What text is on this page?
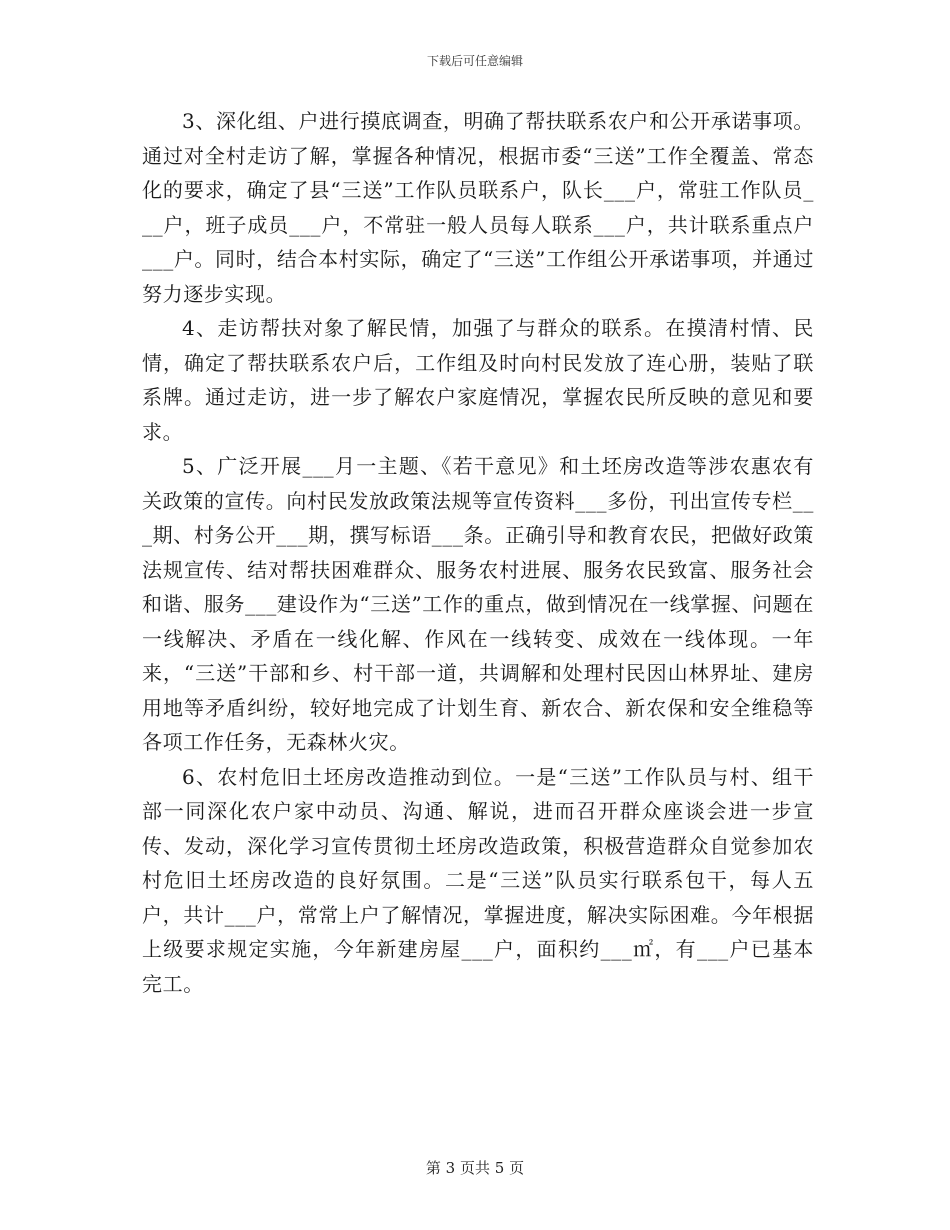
下载后可任意编辑

3、深化组、户进行摸底调查，明确了帮扶联系农户和公开承诺事项。通过对全村走访了解，掌握各种情况，根据市委“三送”工作全覆盖、常态化的要求，确定了县“三送”工作队员联系户，队长___户，常驻工作队员___户，班子成员___户，不常驻一般人员每人联系___户，共计联系重点户___户。同时，结合本村实际，确定了“三送”工作组公开承诺事项，并通过努力逐步实现。

4、走访帮扶对象了解民情，加强了与群众的联系。在摸清村情、民情，确定了帮扶联系农户后，工作组及时向村民发放了连心册，装贴了联系牌。通过走访，进一步了解农户家庭情况，掌握农民所反映的意见和要求。

5、广泛开展___月一主题、《若干意见》和土坯房改造等涉农惠农有关政策的宣传。向村民发放政策法规等宣传资料___多份，刊出宣传专栏___期、村务公开___期，撰写标语___条。正确引导和教育农民，把做好政策法规宣传、结对帮扶困难群众、服务农村进展、服务农民致富、服务社会和谐、服务___建设作为“三送”工作的重点，做到情况在一线掌握、问题在一线解决、矛盾在一线化解、作风在一线转变、成效在一线体现。一年来，“三送”干部和乡、村干部一道，共调解和处理村民因山林界址、建房用地等矛盾纠纷，较好地完成了计划生育、新农合、新农保和安全维稳等各项工作任务，无森林火灾。

6、农村危旧土坯房改造推动到位。一是“三送”工作队员与村、组干部一同深化农户家中动员、沟通、解说，进而召开群众座谈会进一步宣传、发动，深化学习宣传贯彻土坯房改造政策，积极营造群众自觉参加农村危旧土坯房改造的良好氛围。二是“三送”队员实行联系包干，每人五户，共计___户，常常上户了解情况，掌握进度，解决实际困难。今年根据上级要求规定实施，今年新建房屋___户，面积约___㎡，有___户已基本完工。

第 3 页共 5 页
